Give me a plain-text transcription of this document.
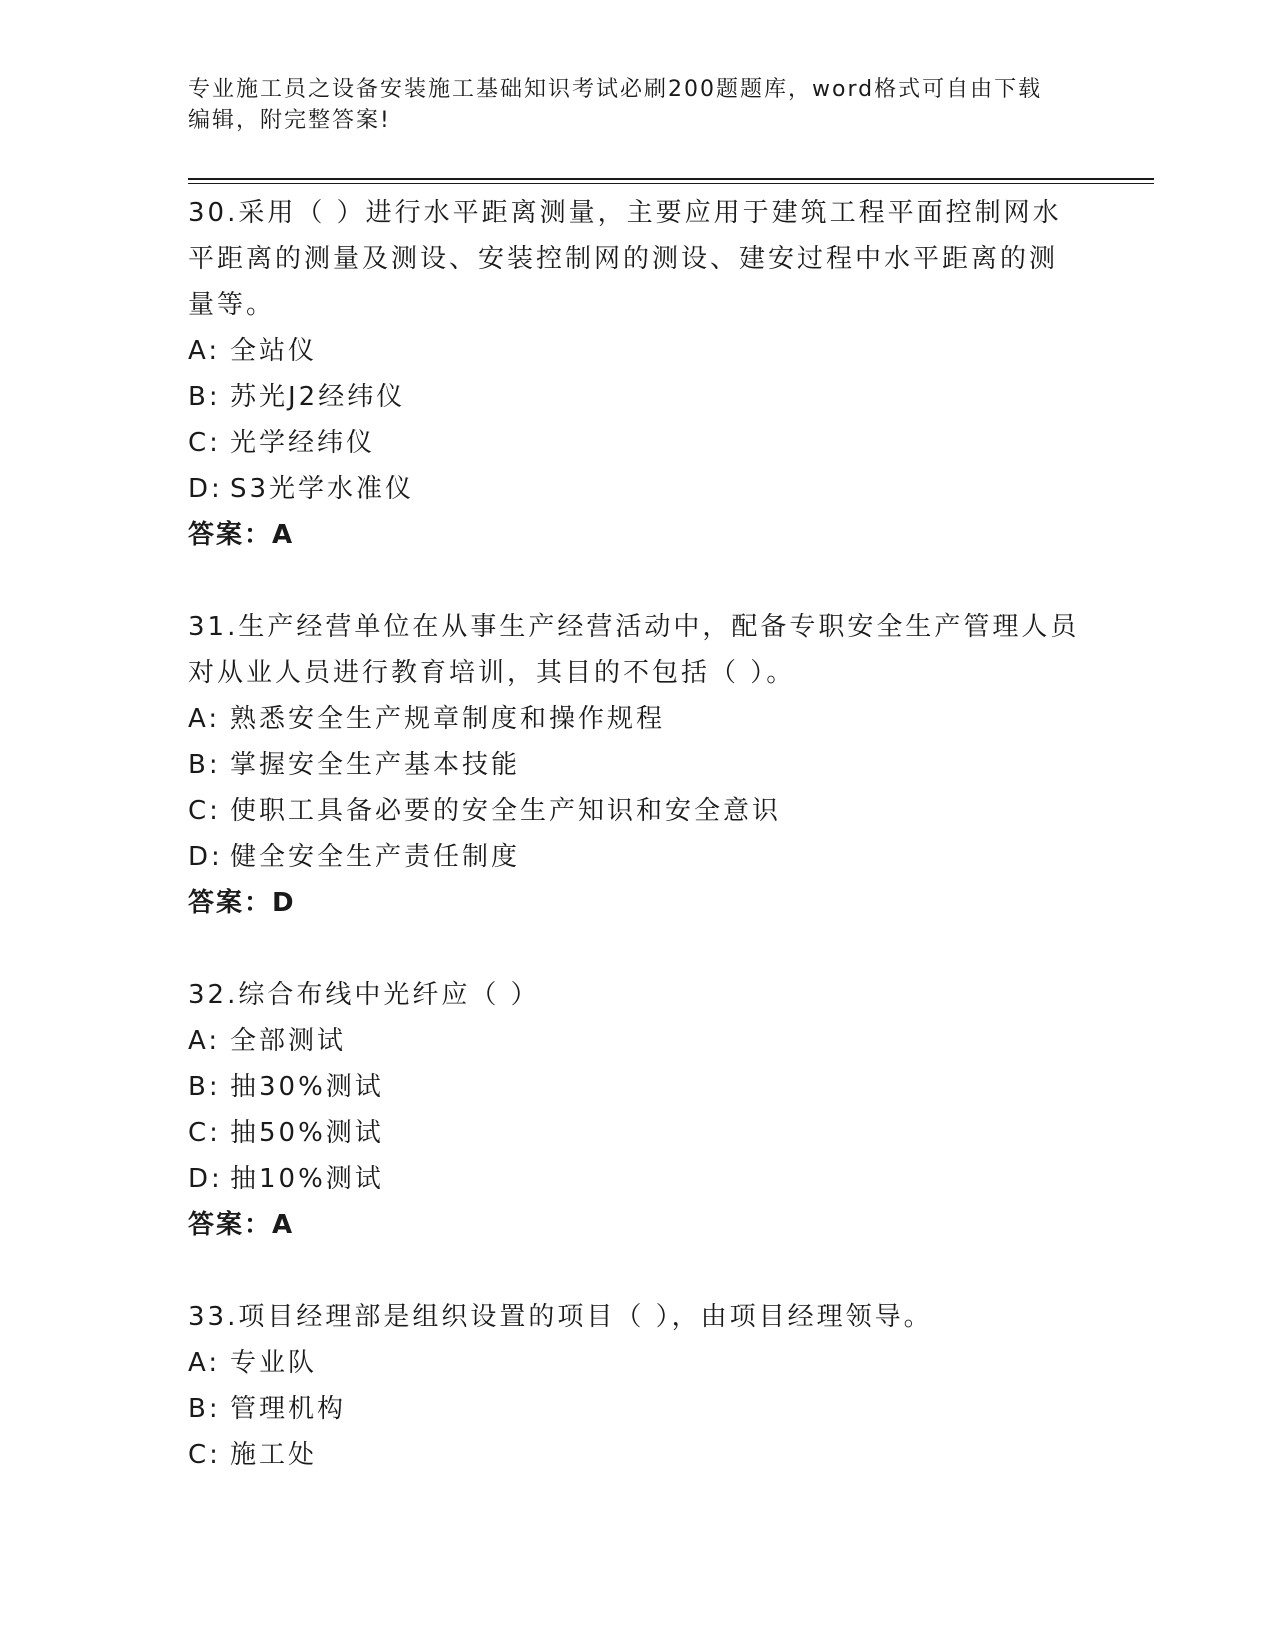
专业施工员之设备安装施工基础知识考试必刷200题题库，word格式可自由下载
编辑，附完整答案!
30.采用（ ）进行水平距离测量，主要应用于建筑工程平面控制网水
平距离的测量及测设、安装控制网的测设、建安过程中水平距离的测
量等。
A: 全站仪
B: 苏光J2经纬仪
C: 光学经纬仪
D: S3光学水准仪
答案：A
31.生产经营单位在从事生产经营活动中，配备专职安全生产管理人员
对从业人员进行教育培训，其目的不包括（ ）。
A: 熟悉安全生产规章制度和操作规程
B: 掌握安全生产基本技能
C: 使职工具备必要的安全生产知识和安全意识
D: 健全安全生产责任制度
答案：D
32.综合布线中光纤应（ ）
A: 全部测试
B: 抽30%测试
C: 抽50%测试
D: 抽10%测试
答案：A
33.项目经理部是组织设置的项目（ ），由项目经理领导。
A: 专业队
B: 管理机构
C: 施工处
